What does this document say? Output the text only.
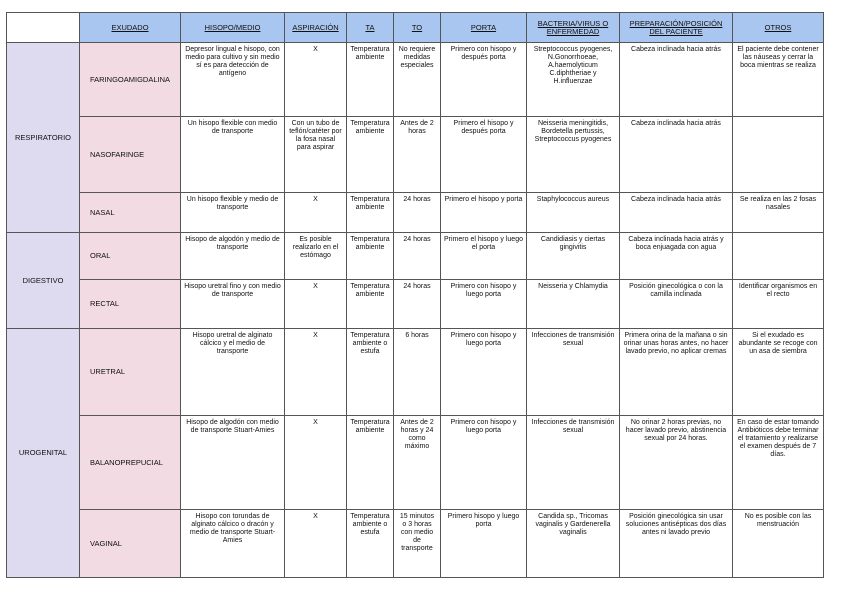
	EXUDADO	HISOPO/MEDIO	ASPIRACIÓN	TA	TO	PORTA	BACTERIA/VIRUS O ENFERMEDAD	PREPARACIÓN/POSICIÓN DEL PACIENTE	OTROS
RESPIRATORIO	FARINGOAMIGDALINA	Depresor lingual e hisopo, con medio para cultivo y sin medio sí es para detección de antígeno	X	Temperatura ambiente	No requiere medidas especiales	Primero con hisopo y después porta	Streptococcus pyogenes, N.Gonorrhoeae, A.haemolyticum C.diphtheriae y H.influenzae	Cabeza inclinada hacia atrás	El paciente debe contener las náuseas y cerrar la boca mientras se realiza
	NASOFARINGE	Un hisopo flexible con medio de transporte	Con un tubo de teflón/catéter por la fosa nasal para aspirar	Temperatura ambiente	Antes de 2 horas	Primero el hisopo y después porta	Neisseria meningitidis, Bordetella pertussis, Streptococcus pyogenes	Cabeza inclinada hacia atrás	
	NASAL	Un hisopo flexible y medio de transporte	X	Temperatura ambiente	24 horas	Primero el hisopo y porta	Staphylococcus aureus	Cabeza inclinada hacia atrás	Se realiza en las 2 fosas nasales
DIGESTIVO	ORAL	Hisopo de algodón y medio de transporte	Es posible realizarlo en el estómago	Temperatura ambiente	24 horas	Primero el hisopo y luego el porta	Candidiasis y ciertas gingivitis	Cabeza inclinada hacia atrás y boca enjuagada con agua	
	RECTAL	Hisopo uretral fino y con medio de transporte	X	Temperatura ambiente	24 horas	Primero con hisopo y luego porta	Neisseria y Chlamydia	Posición ginecológica o con la camilla inclinada	Identificar organismos en el recto
UROGENITAL	URETRAL	Hisopo uretral de alginato cálcico y el medio de transporte	X	Temperatura ambiente o estufa	6 horas	Primero con hisopo y luego porta	Infecciones de transmisión sexual	Primera orina de la mañana o sin orinar unas horas antes, no hacer lavado previo, no aplicar cremas	Si el exudado es abundante se recoge con un asa de siembra
	BALANOPREPUCIAL	Hisopo de algodón con medio de transporte Stuart-Amies	X	Temperatura ambiente	Antes de 2 horas y 24 como máximo	Primero con hisopo y luego porta	Infecciones de transmisión sexual	No orinar 2 horas previas, no hacer lavado previo, abstinencia sexual por 24 horas.	En caso de estar tomando Antibióticos debe terminar el tratamiento y realizarse el examen después de 7 días.
	VAGINAL	Hisopo con torundas de alginato cálcico o dracón y medio de transporte Stuart-Amies	X	Temperatura ambiente o estufa	15 minutos o 3 horas con medio de transporte	Primero hisopo y luego porta	Candida sp., Tricomas vaginalis y Gardenerella vaginalis	Posición ginecológica sin usar soluciones antisépticas dos días antes ni lavado previo	No es posible con las menstruación
